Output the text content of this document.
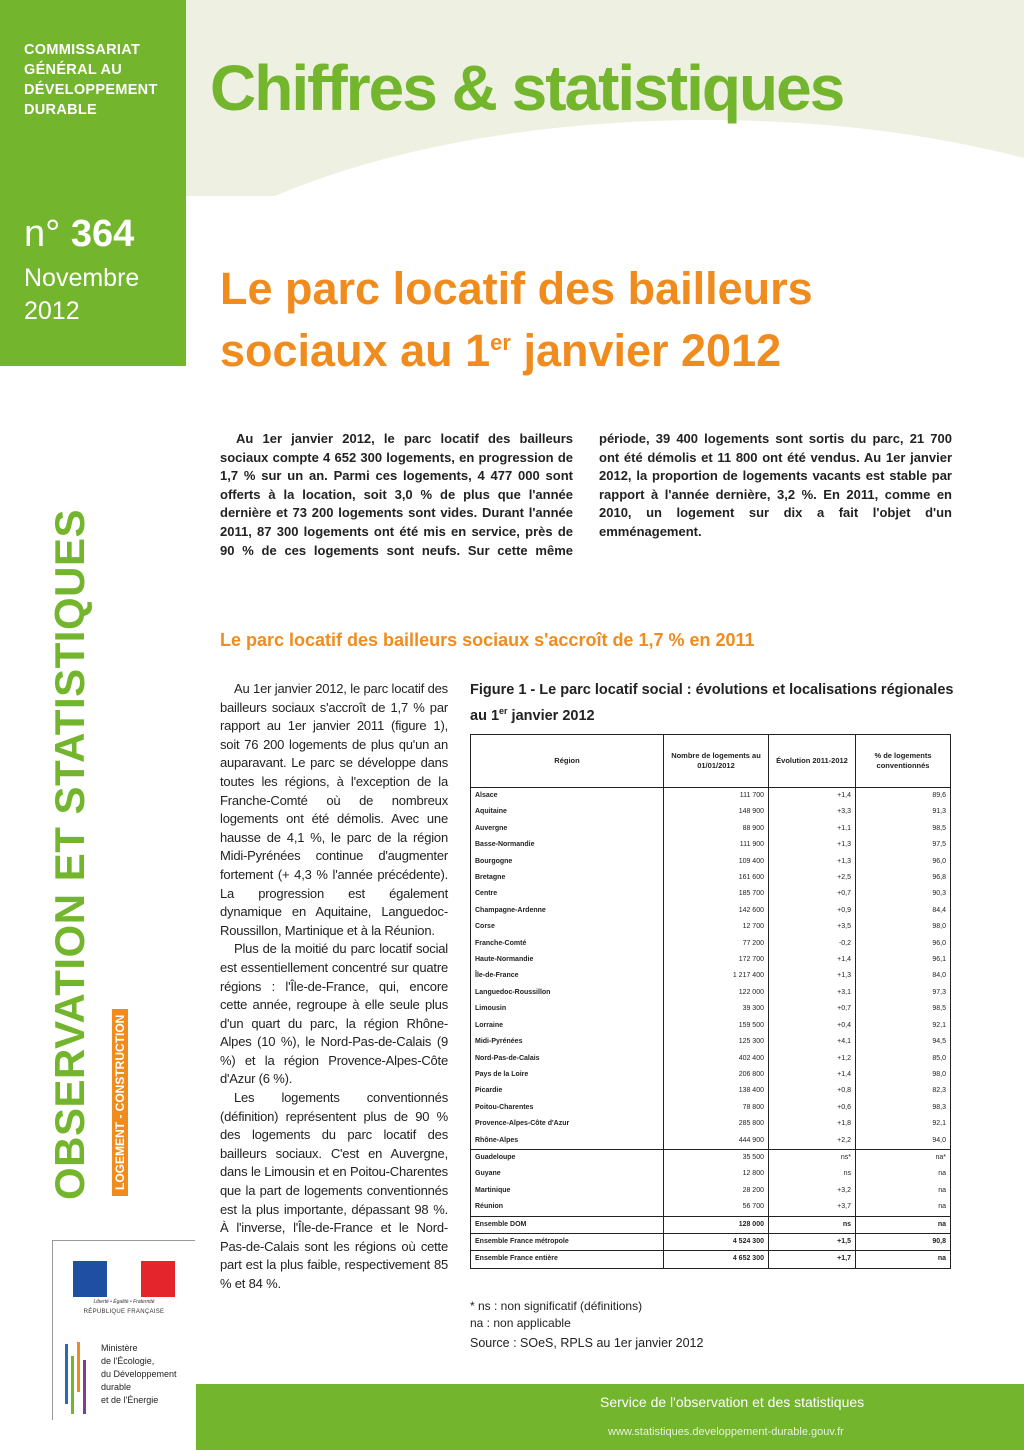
COMMISSARIAT
GÉNÉRAL AU
DÉVELOPPEMENT
DURABLE	Chiffres & statistiques
n° 364
Novembre
2012	Le parc locatif des bailleurs sociaux au 1er janvier 2012
OBSERVATION ET STATISTIQUES LOGEMENT - CONSTRUCTION

Au 1er janvier 2012, le parc locatif des bailleurs sociaux compte 4 652 300 logements, en progression de 1,7 % sur un an. Parmi ces logements, 4 477 000 sont offerts à la location, soit 3,0 % de plus que l'année dernière et 73 200 logements sont vides. Durant l'année 2011, 87 300 logements ont été mis en service, près de 90 % de ces logements sont neufs. Sur cette même période, 39 400 logements sont sortis du parc, 21 700 ont été démolis et 11 800 ont été vendus. Au 1er janvier 2012, la proportion de logements vacants est stable par rapport à l'année dernière, 3,2 %. En 2011, comme en 2010, un logement sur dix a fait l'objet d'un emménagement.

Le parc locatif des bailleurs sociaux s'accroît de 1,7 % en 2011

Au 1er janvier 2012, le parc locatif des bailleurs sociaux s'accroît de 1,7 % par rapport au 1er janvier 2011 (figure 1), soit 76 200 logements de plus qu'un an auparavant. Le parc se développe dans toutes les régions, à l'exception de la Franche-Comté où de nombreux logements ont été démolis. Avec une hausse de 4,1 %, le parc de la région Midi-Pyrénées continue d'augmenter fortement (+ 4,3 % l'année précédente). La progression est également dynamique en Aquitaine, Languedoc-Roussillon, Martinique et à la Réunion.

Plus de la moitié du parc locatif social est essentiellement concentré sur quatre régions : l'Île-de-France, qui, encore cette année, regroupe à elle seule plus d'un quart du parc, la région Rhône-Alpes (10 %), le Nord-Pas-de-Calais (9 %) et la région Provence-Alpes-Côte d'Azur (6 %).

Les logements conventionnés (définition) représentent plus de 90 % des logements du parc locatif des bailleurs sociaux. C'est en Auvergne, dans le Limousin et en Poitou-Charentes que la part de logements conventionnés est la plus importante, dépassant 98 %. À l'inverse, l'Île-de-France et le Nord-Pas-de-Calais sont les régions où cette part est la plus faible, respectivement 85 % et 84 %.

Figure 1 - Le parc locatif social : évolutions et localisations régionales au 1er janvier 2012
Région	Nombre de logements au 01/01/2012	Évolution 2011-2012	% de logements conventionnés
Alsace	111 700	+1,4	89,6
Aquitaine	148 900	+3,3	91,3
Auvergne	88 900	+1,1	98,5
Basse-Normandie	111 900	+1,3	97,5
Bourgogne	109 400	+1,3	96,0
Bretagne	161 600	+2,5	96,8
Centre	185 700	+0,7	90,3
Champagne-Ardenne	142 600	+0,9	84,4
Corse	12 700	+3,5	98,0
Franche-Comté	77 200	-0,2	96,0
Haute-Normandie	172 700	+1,4	96,1
Île-de-France	1 217 400	+1,3	84,0
Languedoc-Roussillon	122 000	+3,1	97,3
Limousin	39 300	+0,7	98,5
Lorraine	159 500	+0,4	92,1
Midi-Pyrénées	125 300	+4,1	94,5
Nord-Pas-de-Calais	402 400	+1,2	85,0
Pays de la Loire	206 800	+1,4	98,0
Picardie	138 400	+0,8	82,3
Poitou-Charentes	78 800	+0,6	98,3
Provence-Alpes-Côte d'Azur	285 800	+1,8	92,1
Rhône-Alpes	444 900	+2,2	94,0
Guadeloupe	35 500	ns*	na*
Guyane	12 800	ns	na
Martinique	28 200	+3,2	na
Réunion	56 700	+3,7	na
Ensemble DOM	128 000	ns	na
Ensemble France métropole	4 524 300	+1,5	90,8
Ensemble France entière	4 652 300	+1,7	na
* ns : non significatif (définitions)
na : non applicable
Source : SOeS, RPLS au 1er janvier 2012
Liberté • Égalité • Fraternité
RÉPUBLIQUE FRANÇAISE
Ministère
de l'Écologie,
du Développement
durable
et de l'Énergie	Service de l'observation et des statistiques
www.statistiques.developpement-durable.gouv.fr
